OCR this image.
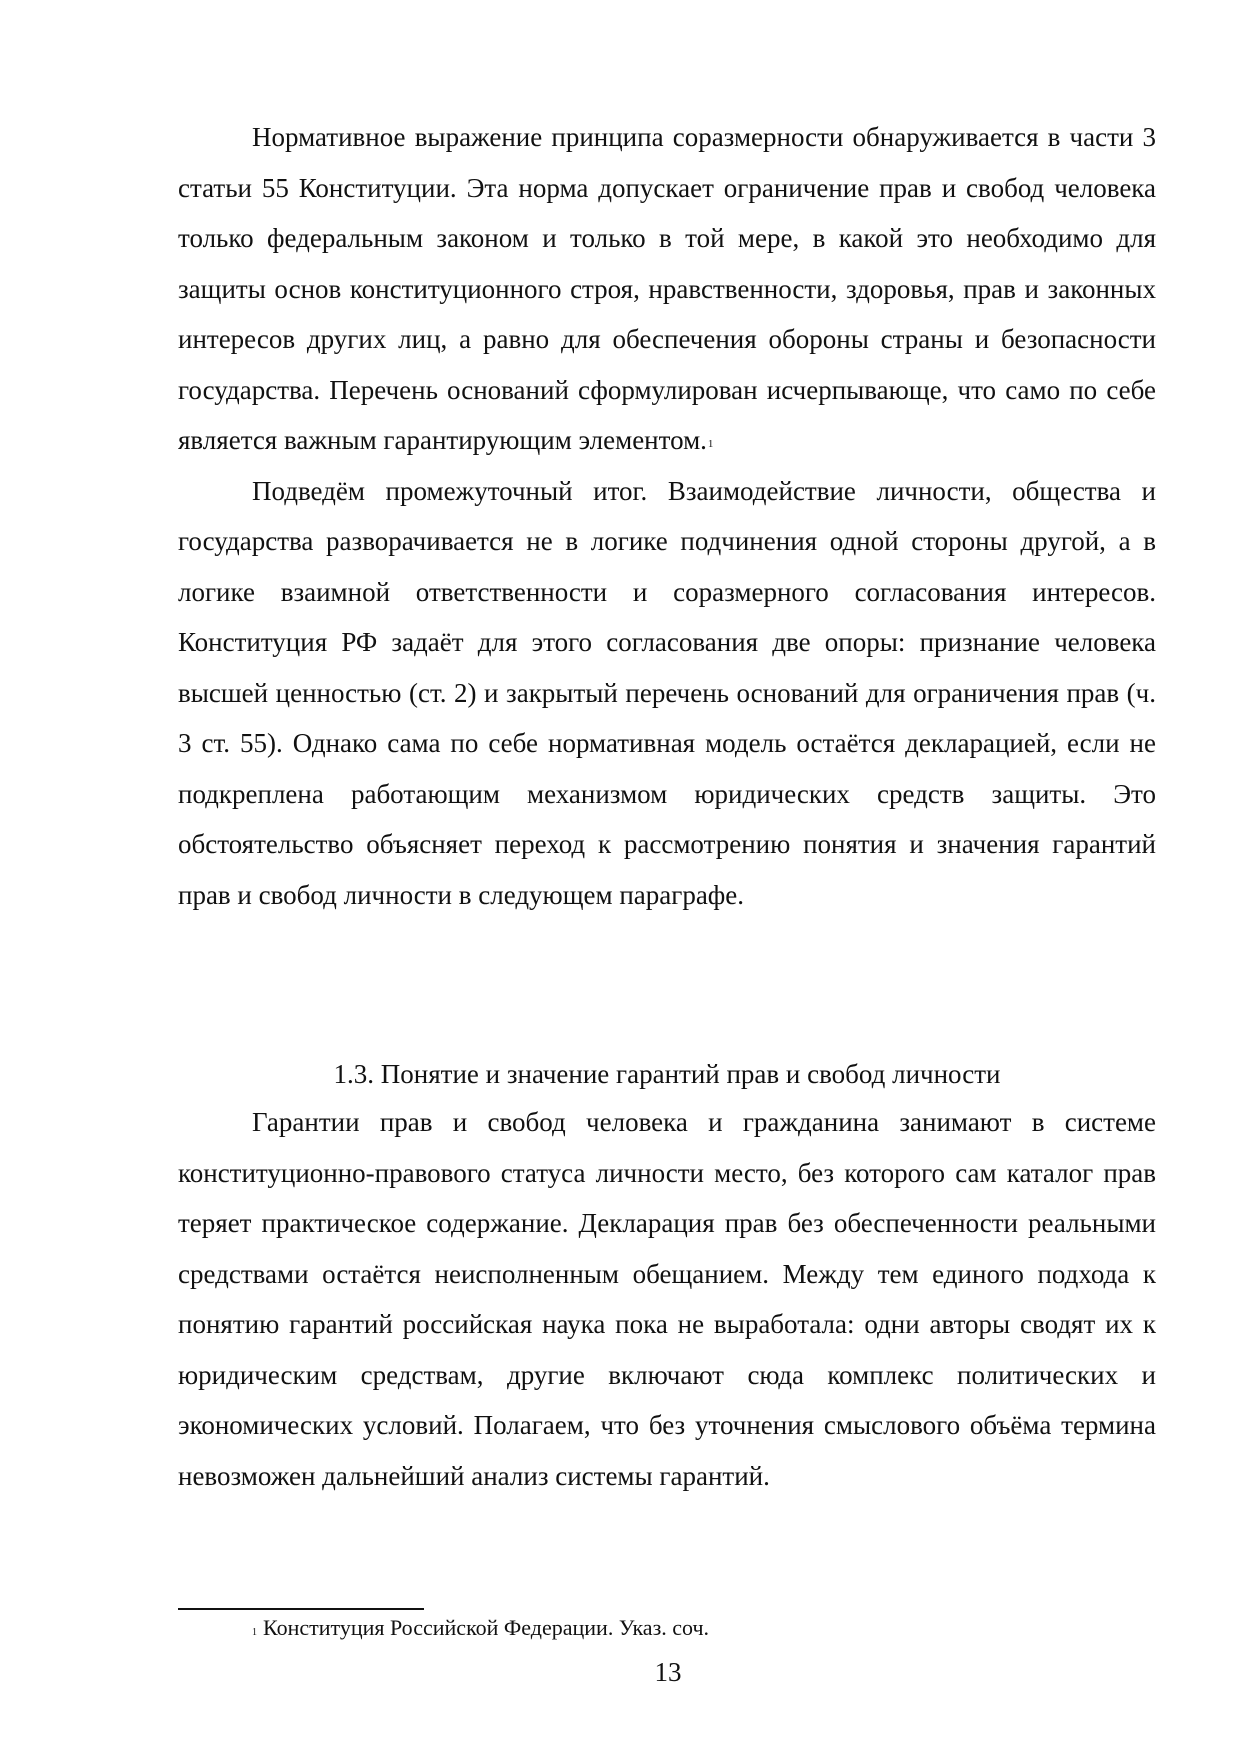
Нормативное выражение принципа соразмерности обнаруживается в части 3 статьи 55 Конституции. Эта норма допускает ограничение прав и свобод человека только федеральным законом и только в той мере, в какой это необходимо для защиты основ конституционного строя, нравственности, здоровья, прав и законных интересов других лиц, а равно для обеспечения обороны страны и безопасности государства. Перечень оснований сформулирован исчерпывающе, что само по себе является важным гарантирующим элементом.$^1$

Подведём промежуточный итог. Взаимодействие личности, общества и государства разворачивается не в логике подчинения одной стороны другой, а в логике взаимной ответственности и соразмерного согласования интересов. Конституция РФ задаёт для этого согласования две опоры: признание человека высшей ценностью (ст. 2) и закрытый перечень оснований для ограничения прав (ч. 3 ст. 55). Однако сама по себе нормативная модель остаётся декларацией, если не подкреплена работающим механизмом юридических средств защиты. Это обстоятельство объясняет переход к рассмотрению понятия и значения гарантий прав и свобод личности в следующем параграфе.

1.3. Понятие и значение гарантий прав и свобод личности

Гарантии прав и свобод человека и гражданина занимают в системе конституционно-правового статуса личности место, без которого сам каталог прав теряет практическое содержание. Декларация прав без обеспеченности реальными средствами остаётся неисполненным обещанием. Между тем единого подхода к понятию гарантий российская наука пока не выработала: одни авторы сводят их к юридическим средствам, другие включают сюда комплекс политических и экономических условий. Полагаем, что без уточнения смыслового объёма термина невозможен дальнейший анализ системы гарантий.

$^1$ Конституция Российской Федерации. Указ. соч.
13
